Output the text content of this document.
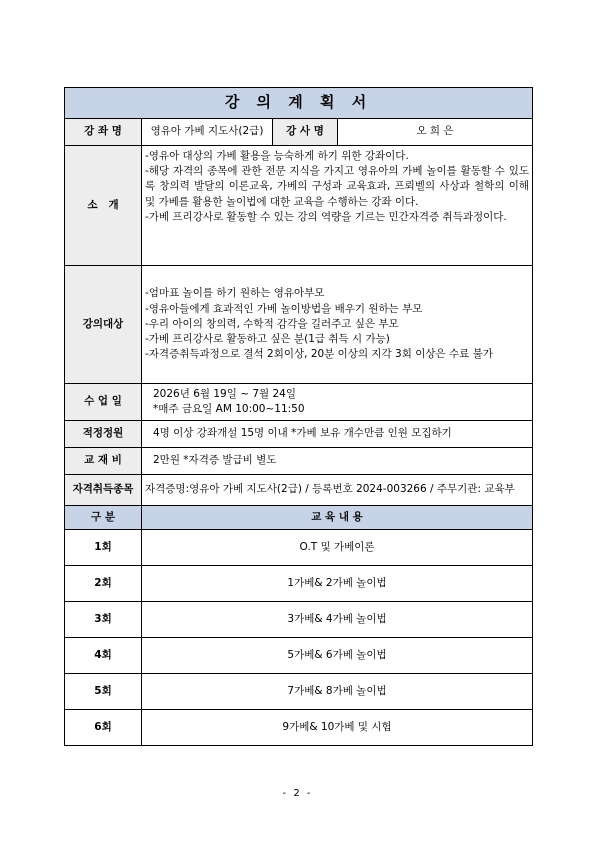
강 의 계 획 서			
강 좌 명	영유아 가베 지도사(2급)	강 사 명	오 희 은
소   개	-영유아 대상의 가베 활용을 능숙하게 하기 위한 강좌이다.
-해당 자격의 종목에 관한 전문 지식을 가지고 영유아의 가베 놀이를 활동할 수 있도록 창의력 발달의 이론교육, 가베의 구성과 교육효과, 프뢰벨의 사상과 철학의 이해 및 가베를 활용한 놀이법에 대한 교육을 수행하는 강좌 이다.
-가베 프리강사로 활동할 수 있는 강의 역량을 기르는 민간자격증 취득과정이다.		

강의대상	-엄마표 놀이를 하기 원하는 영유아부모
-영유아들에게 효과적인 가베 놀이방법을 배우기 원하는 부모
-우리 아이의 창의력, 수학적 감각을 길러주고 싶은 부모
-가베 프리강사로 활동하고 싶은 분(1급 취득 시 가능)
-자격증취득과정으로 결석 2회이상, 20분 이상의 지각 3회 이상은 수료 불가		

수 업 일	2026년 6월 19일 ~ 7월 24일
*매주 금요일 AM 10:00~11:50		

적정정원	4명 이상 강좌개설 15명 이내 *가베 보유 개수만큼 인원 모집하기		
교 재 비	2만원 *자격증 발급비 별도		
자격취득종목	자격증명:영유아 가베 지도사(2급) / 등록번호 2024-003266 / 주무기관: 교육부		
구 분	교 육 내 용		
1회	O.T 및 가베이론		
2회	1가베& 2가베 놀이법		
3회	3가베& 4가베 놀이법		
4회	5가베& 6가베 놀이법		
5회	7가베& 8가베 놀이법		
6회	9가베& 10가베 및 시험		
- 2 -
